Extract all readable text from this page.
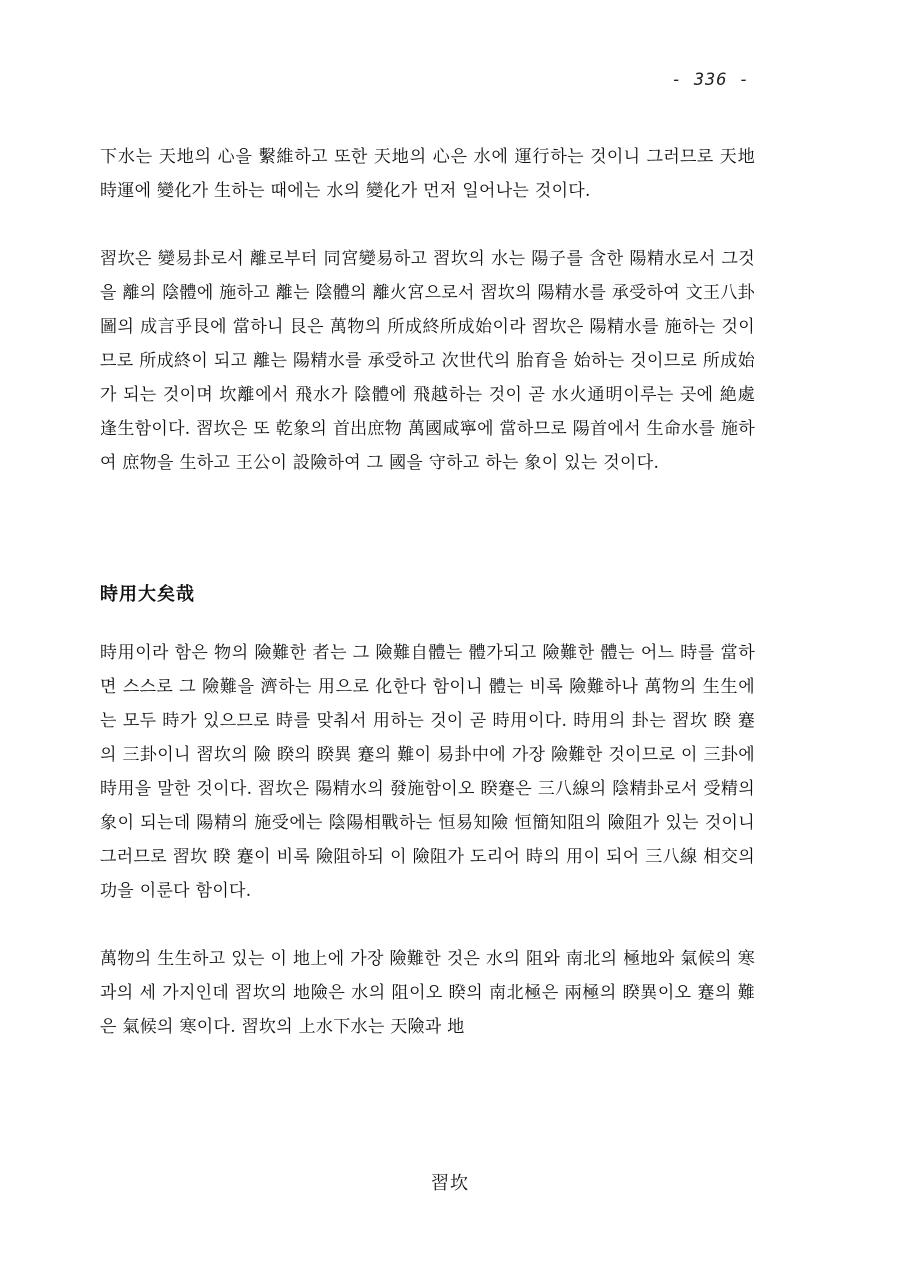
- 336 -

下水는 天地의 心을 繫維하고 또한 天地의 心은 水에 運行하는 것이니 그러므로 天地時運에 變化가 生하는 때에는 水의 變化가 먼저 일어나는 것이다.

習坎은 變易卦로서 離로부터 同宮變易하고 習坎의 水는 陽子를 含한 陽精水로서 그것을 離의 陰體에 施하고 離는 陰體의 離火宮으로서 習坎의 陽精水를 承受하여 文王八卦圖의 成言乎艮에 當하니 艮은 萬物의 所成終所成始이라 習坎은 陽精水를 施하는 것이므로 所成終이 되고 離는 陽精水를 承受하고 次世代의 胎育을 始하는 것이므로 所成始가 되는 것이며 坎離에서 飛水가 陰體에 飛越하는 것이 곧 水火通明이루는 곳에 絶處逢生함이다. 習坎은 또 乾象의 首出庶物 萬國咸寧에 當하므로 陽首에서 生命水를 施하여 庶物을 生하고 王公이 設險하여 그 國을 守하고 하는 象이 있는 것이다.

時用大矣哉

時用이라 함은 物의 險難한 者는 그 險難自體는 體가되고 險難한 體는 어느 時를 當하면 스스로 그 險難을 濟하는 用으로 化한다 함이니 體는 비록 險難하나 萬物의 生生에는 모두 時가 있으므로 時를 맞춰서 用하는 것이 곧 時用이다. 時用의 卦는 習坎 睽 蹇의 三卦이니 習坎의 險 睽의 睽異 蹇의 難이 易卦中에 가장 險難한 것이므로 이 三卦에 時用을 말한 것이다. 習坎은 陽精水의 發施함이오 睽蹇은 三八線의 陰精卦로서 受精의 象이 되는데 陽精의 施受에는 陰陽相戰하는 恒易知險 恒簡知阻의 險阻가 있는 것이니 그러므로 習坎 睽 蹇이 비록 險阻하되 이 險阻가 도리어 時의 用이 되어 三八線 相交의 功을 이룬다 함이다.

萬物의 生生하고 있는 이 地上에 가장 險難한 것은 水의 阻와 南北의 極地와 氣候의 寒과의 세 가지인데 習坎의 地險은 水의 阻이오 睽의 南北極은 兩極의 睽異이오 蹇의 難은 氣候의 寒이다. 習坎의 上水下水는 天險과 地

習坎
